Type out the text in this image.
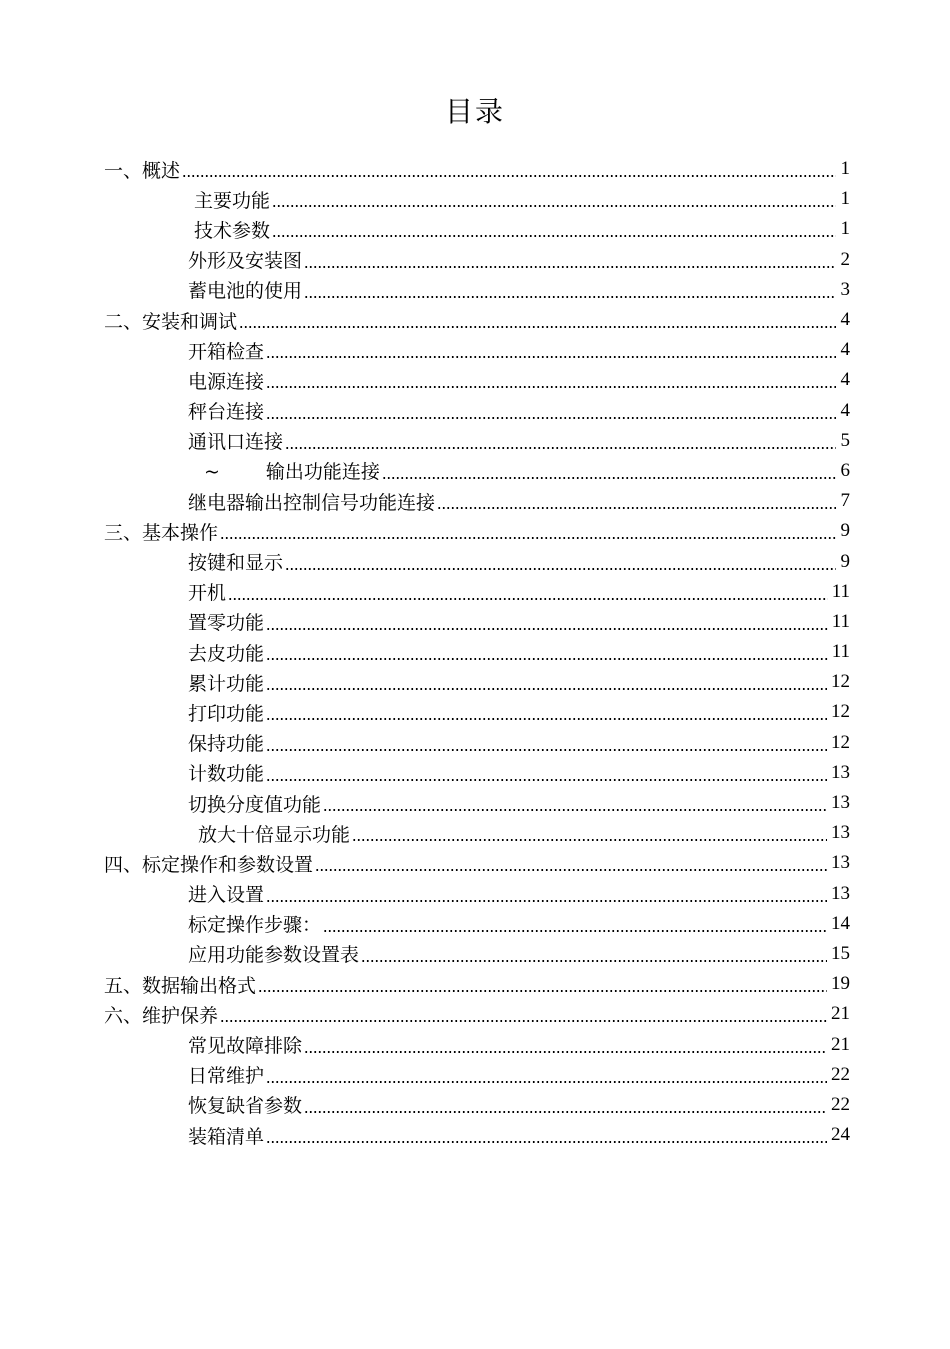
目录
一、概述	1
主要功能	1
技术参数	1
外形及安装图	2
蓄电池的使用	3
二、安装和调试	4
开箱检查	4
电源连接	4
秤台连接	4
通讯口连接	5
~ 输出功能连接	6
继电器输出控制信号功能连接	7
三、基本操作	9
按键和显示	9
开机	11
置零功能	11
去皮功能	11
累计功能	12
打印功能	12
保持功能	12
计数功能	13
切换分度值功能	13
放大十倍显示功能	13
四、标定操作和参数设置	13
进入设置	13
标定操作步骤：	14
应用功能参数设置表	15
五、数据输出格式	19
六、维护保养	21
常见故障排除	21
日常维护	22
恢复缺省参数	22
装箱清单	24
